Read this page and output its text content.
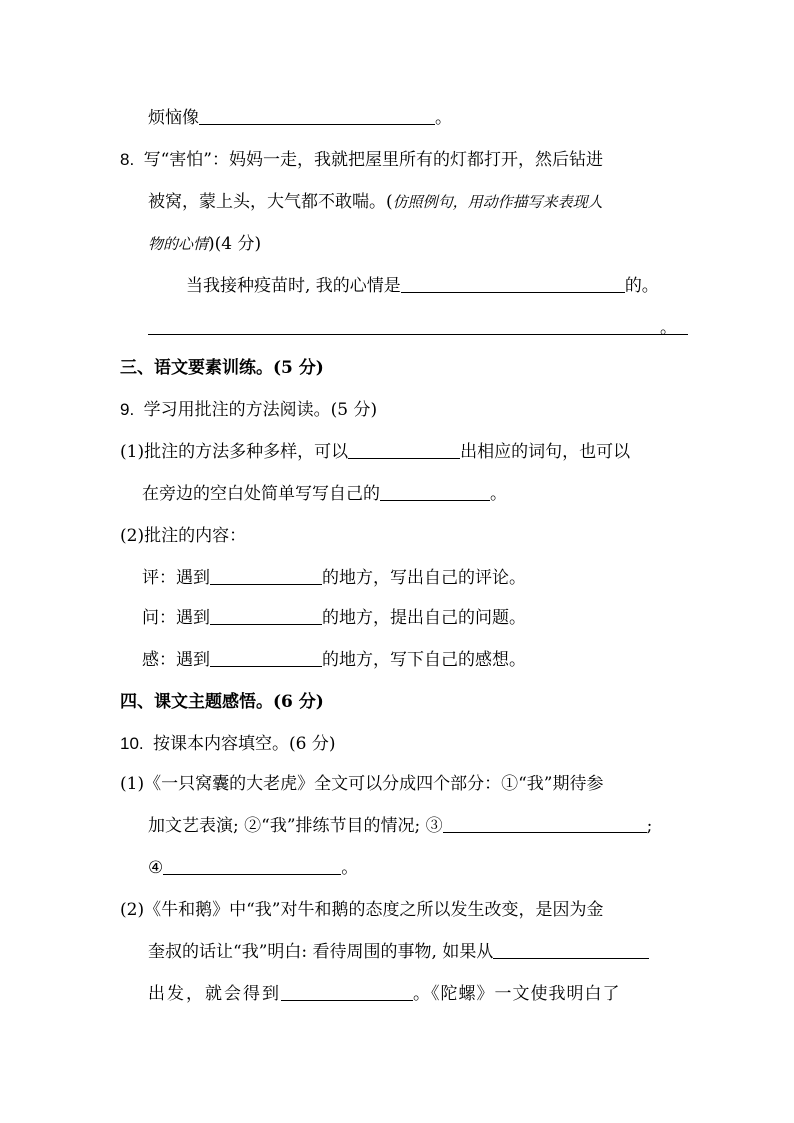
烦恼像	。
8. 写“害怕”：妈妈一走，我就把屋里所有的灯都打开，然后钻进
被窝，蒙上头，大气都不敢喘。(仿照例句，用动作描写来表现人
物的心情)(4 分)
当我接种疫苗时, 我的心情是	的。
。
三、语文要素训练。(5 分)
9. 学习用批注的方法阅读。(5 分)
(1)批注的方法多种多样，可以	出相应的词句，也可以
在旁边的空白处简单写写自己的	。
(2)批注的内容：
评：遇到	的地方，写出自己的评论。
问：遇到	的地方，提出自己的问题。
感：遇到	的地方，写下自己的感想。
四、课文主题感悟。(6 分)
10. 按课本内容填空。(6 分)
(1)《一只窝囊的大老虎》全文可以分成四个部分：①“我”期待参
加文艺表演; ②“我”排练节目的情况; ③	;
④	。
(2)《牛和鹅》中“我”对牛和鹅的态度之所以发生改变，是因为金
奎叔的话让“我”明白: 看待周围的事物, 如果从
出发，就会得到	。《陀螺》一文使我明白了
